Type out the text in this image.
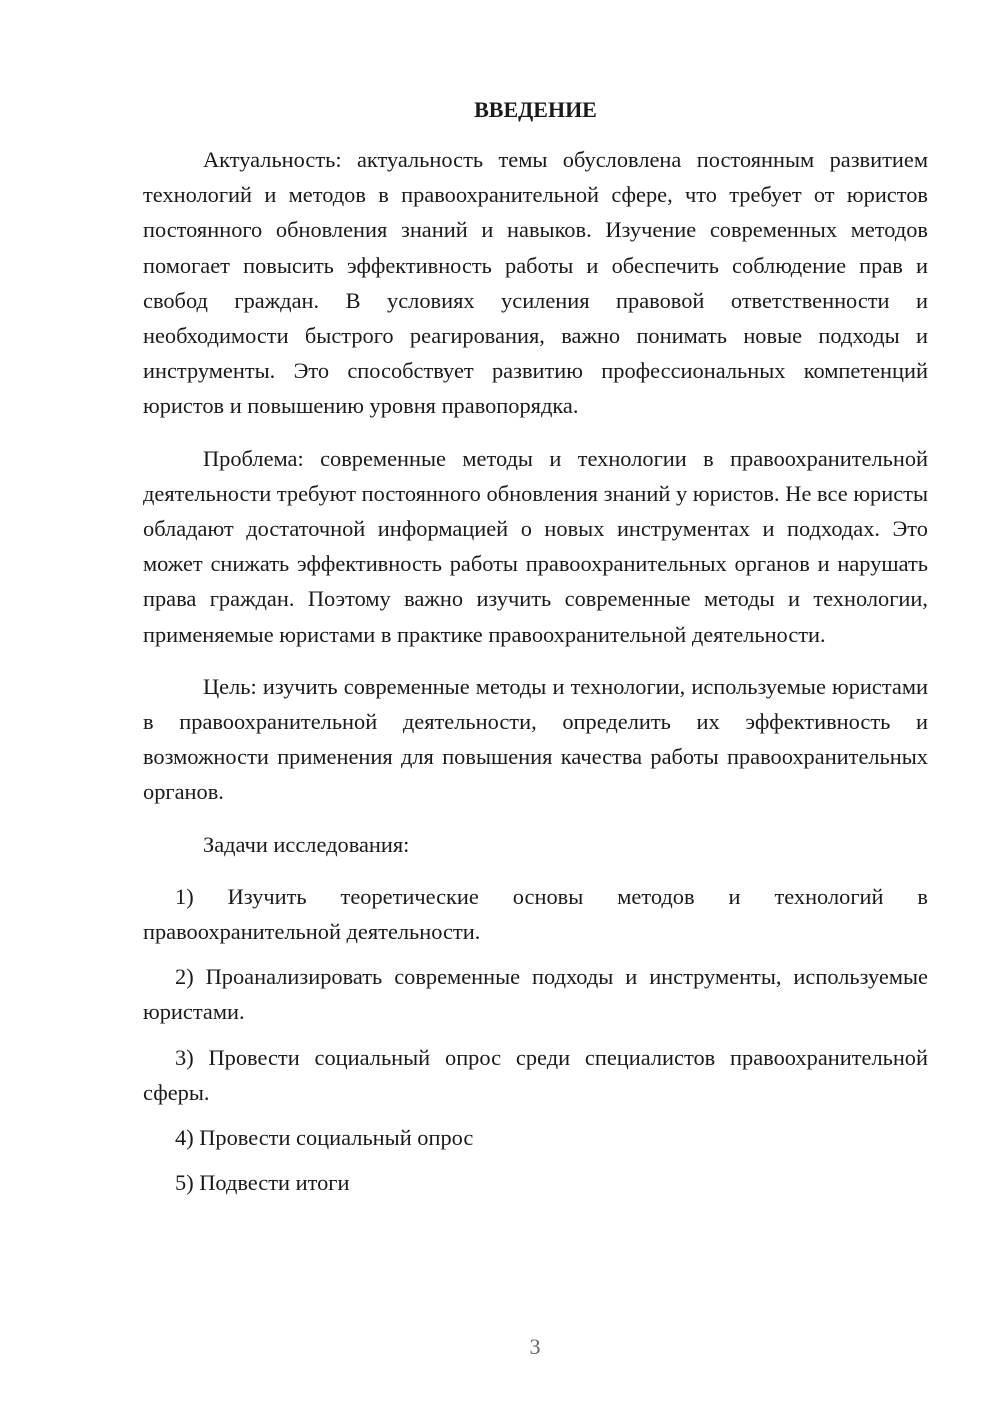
ВВЕДЕНИЕ

Актуальность: актуальность темы обусловлена постоянным развитием технологий и методов в правоохранительной сфере, что требует от юристов постоянного обновления знаний и навыков. Изучение современных методов помогает повысить эффективность работы и обеспечить соблюдение прав и свобод граждан. В условиях усиления правовой ответственности и необходимости быстрого реагирования, важно понимать новые подходы и инструменты. Это способствует развитию профессиональных компетенций юристов и повышению уровня правопорядка.

Проблема: современные методы и технологии в правоохранительной деятельности требуют постоянного обновления знаний у юристов. Не все юристы обладают достаточной информацией о новых инструментах и подходах. Это может снижать эффективность работы правоохранительных органов и нарушать права граждан. Поэтому важно изучить современные методы и технологии, применяемые юристами в практике правоохранительной деятельности.

Цель: изучить современные методы и технологии, используемые юристами в правоохранительной деятельности, определить их эффективность и возможности применения для повышения качества работы правоохранительных органов.

Задачи исследования:

1) Изучить теоретические основы методов и технологий в правоохранительной деятельности.

2) Проанализировать современные подходы и инструменты, используемые юристами.

3) Провести социальный опрос среди специалистов правоохранительной сферы.

4) Провести социальный опрос

5) Подвести итоги

3
